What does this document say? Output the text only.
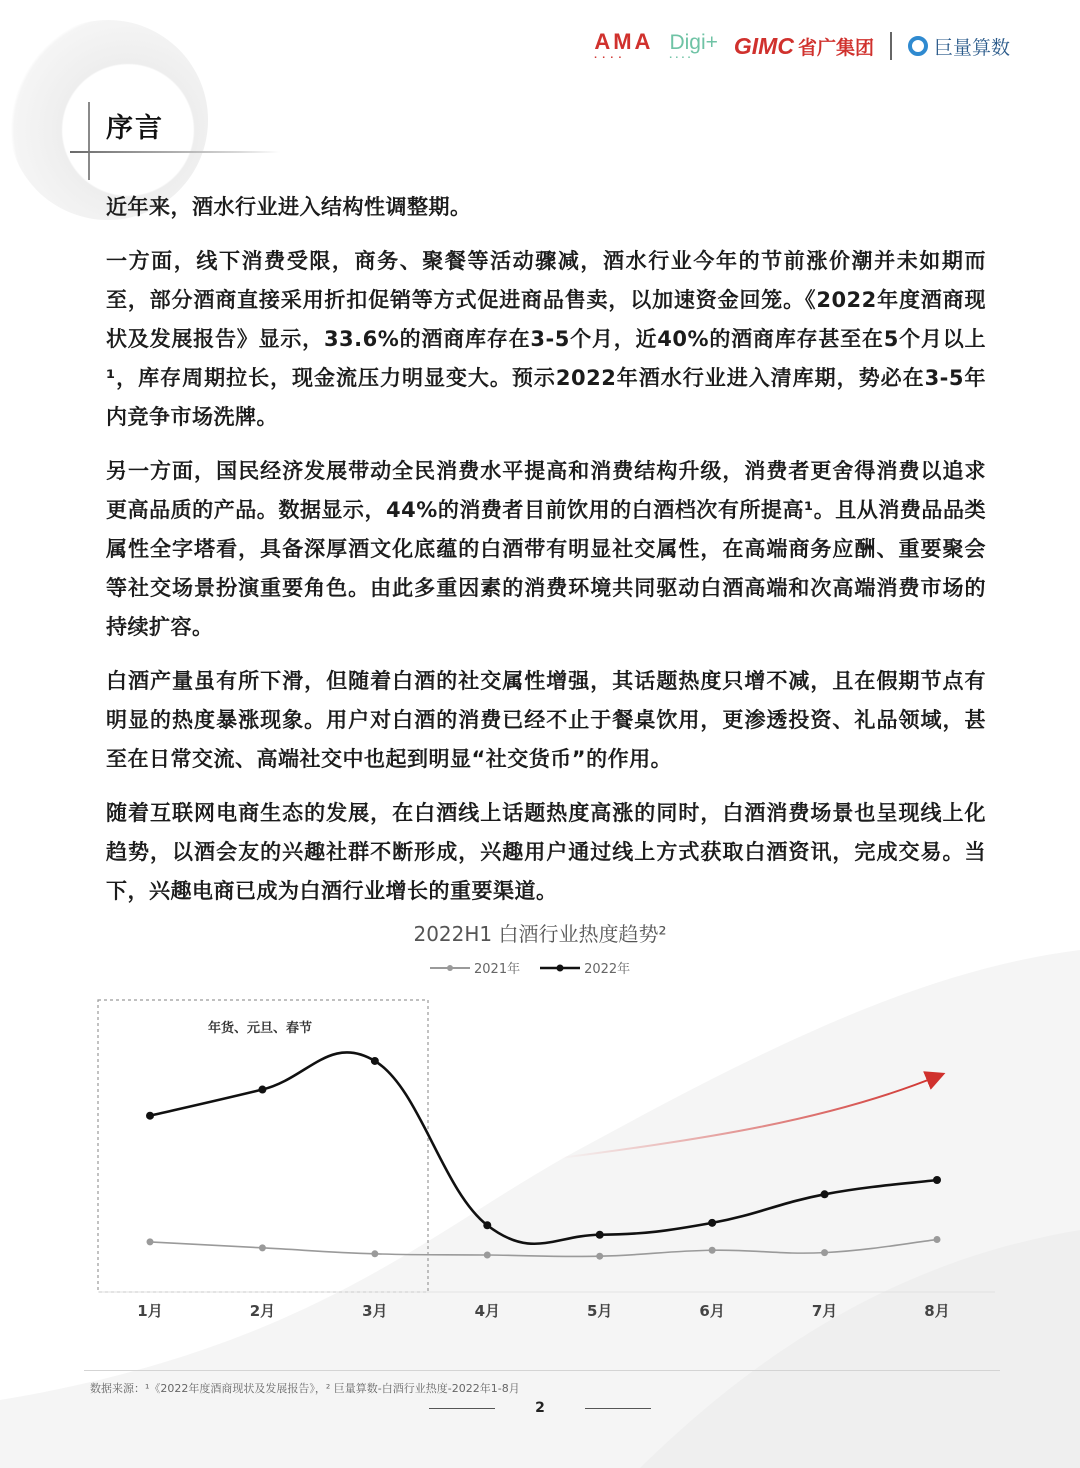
AMA
▪▪▪▪
Digi+
▪▪▪▪	GIMC 省广集团	巨量算数
序言

近年来，酒水行业进入结构性调整期。

一方面，线下消费受限，商务、聚餐等活动骤减，酒水行业今年的节前涨价潮并未如期而至，部分酒商直接采用折扣促销等方式促进商品售卖，以加速资金回笼。《2022年度酒商现状及发展报告》显示，33.6%的酒商库存在3-5个月，近40%的酒商库存甚至在5个月以上¹，库存周期拉长，现金流压力明显变大。预示2022年酒水行业进入清库期，势必在3-5年内竞争市场洗牌。

另一方面，国民经济发展带动全民消费水平提高和消费结构升级，消费者更舍得消费以追求更高品质的产品。数据显示，44%的消费者目前饮用的白酒档次有所提高¹。且从消费品品类属性全字塔看，具备深厚酒文化底蕴的白酒带有明显社交属性，在高端商务应酬、重要聚会等社交场景扮演重要角色。由此多重因素的消费环境共同驱动白酒高端和次高端消费市场的持续扩容。

白酒产量虽有所下滑，但随着白酒的社交属性增强，其话题热度只增不减，且在假期节点有明显的热度暴涨现象。用户对白酒的消费已经不止于餐桌饮用，更渗透投资、礼品领域，甚至在日常交流、高端社交中也起到明显“社交货币”的作用。

随着互联网电商生态的发展，在白酒线上话题热度高涨的同时，白酒消费场景也呈现线上化趋势，以酒会友的兴趣社群不断形成，兴趣用户通过线上方式获取白酒资讯，完成交易。当下，兴趣电商已成为白酒行业增长的重要渠道。

2022H1 白酒行业热度趋势²
2021年	2022年
年货、元旦、春节
1月	2月	3月	4月	5月	6月	7月	8月
数据来源：¹《2022年度酒商现状及发展报告》，² 巨量算数-白酒行业热度-2022年1-8月
2
